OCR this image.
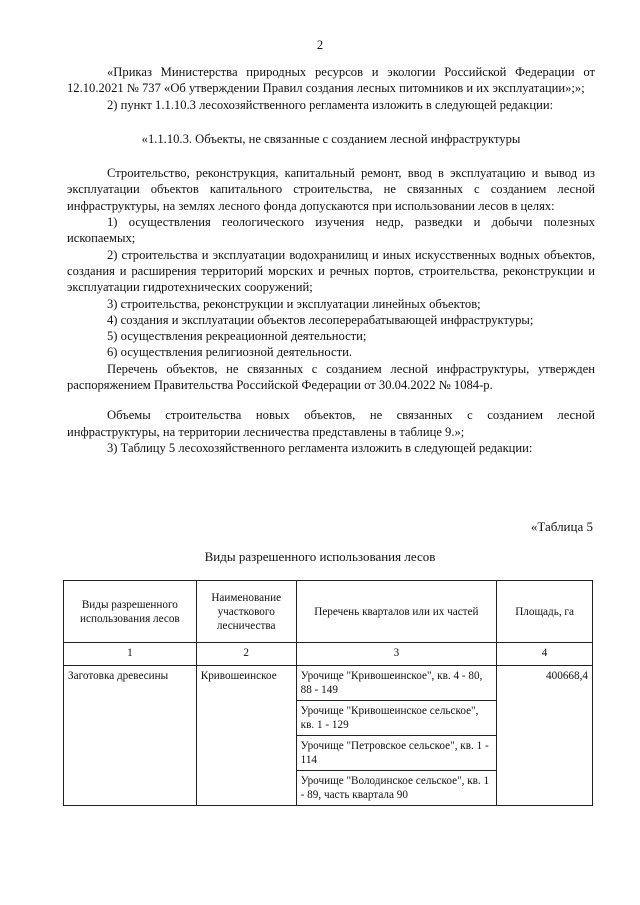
2

«Приказ Министерства природных ресурсов и экологии Российской Федерации от 12.10.2021 № 737 «Об утверждении Правил создания лесных питомников и их эксплуатации»;»;

2) пункт 1.1.10.3 лесохозяйственного регламента изложить в следующей редакции:

«1.1.10.3. Объекты, не связанные с созданием лесной инфраструктуры

Строительство, реконструкция, капитальный ремонт, ввод в эксплуатацию и вывод из эксплуатации объектов капитального строительства, не связанных с созданием лесной инфраструктуры, на землях лесного фонда допускаются при использовании лесов в целях:

1) осуществления геологического изучения недр, разведки и добычи полезных ископаемых;

2) строительства и эксплуатации водохранилищ и иных искусственных водных объектов, создания и расширения территорий морских и речных портов, строительства, реконструкции и эксплуатации гидротехнических сооружений;

3) строительства, реконструкции и эксплуатации линейных объектов;

4) создания и эксплуатации объектов лесоперерабатывающей инфраструктуры;

5) осуществления рекреационной деятельности;

6) осуществления религиозной деятельности.

Перечень объектов, не связанных с созданием лесной инфраструктуры, утвержден распоряжением Правительства Российской Федерации от 30.04.2022 № 1084-р.

Объемы строительства новых объектов, не связанных с созданием лесной инфраструктуры, на территории лесничества представлены в таблице 9.»;

3) Таблицу 5 лесохозяйственного регламента изложить в следующей редакции:

«Таблица 5
Виды разрешенного использования лесов
Виды разрешенного использования лесов	Наименование участкового лесничества	Перечень кварталов или их частей	Площадь, га
1	2	3	4
Заготовка древесины	Кривошеинское	Урочище "Кривошеинское", кв. 4 - 80, 88 - 149	400668,4
		Урочище "Кривошеинское сельское", кв. 1 - 129	
		Урочище "Петровское сельское", кв. 1 - 114	
		Урочище "Володинское сельское", кв. 1 - 89, часть квартала 90	
